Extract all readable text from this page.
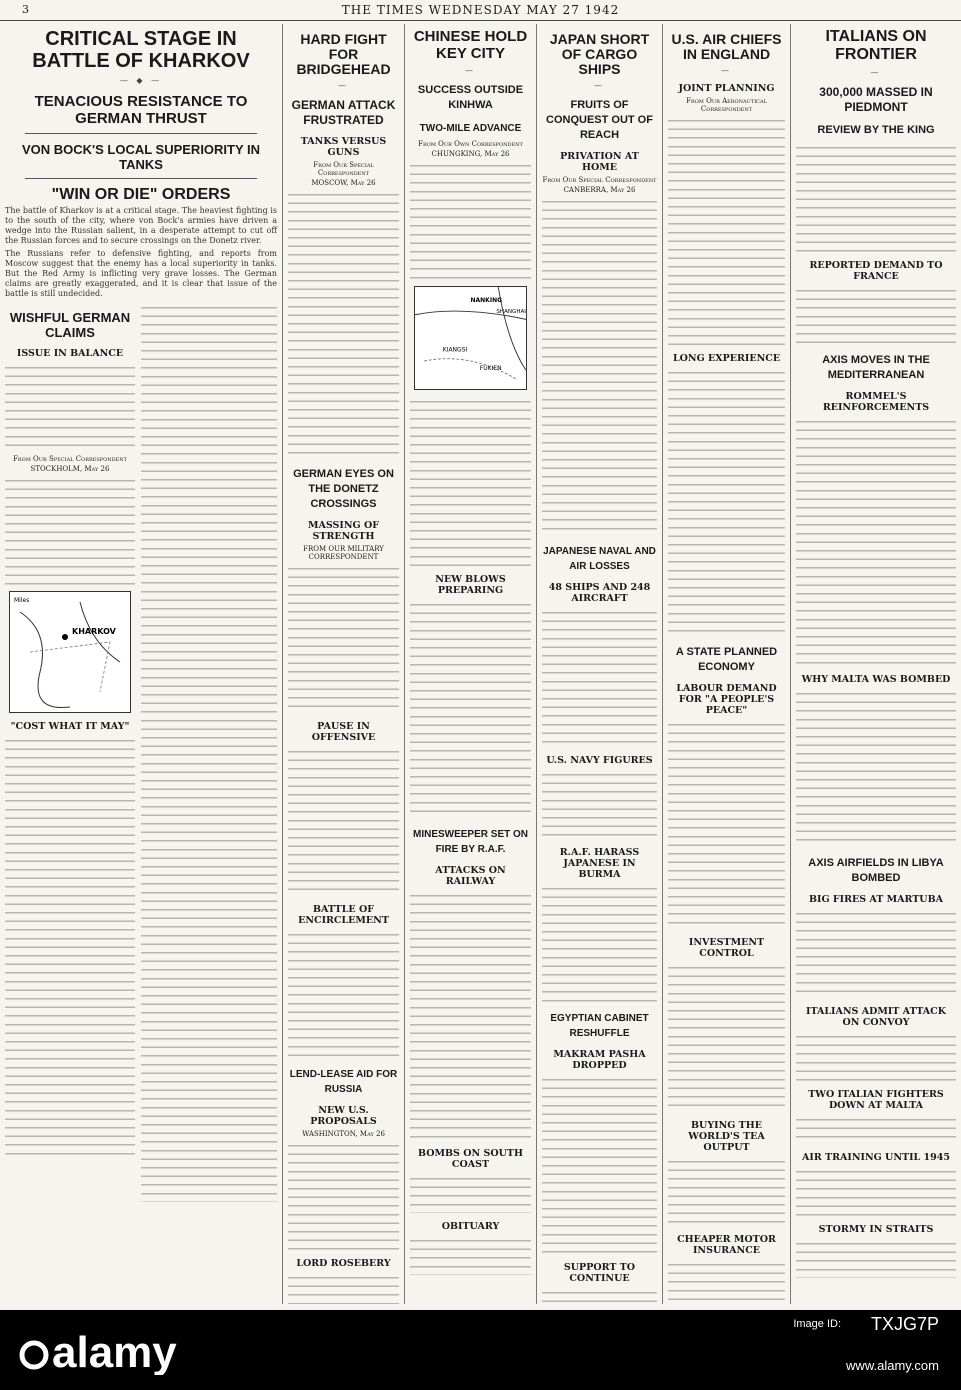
3	THE TIMES WEDNESDAY MAY 27 1942
CRITICAL STAGE IN BATTLE OF KHARKOV
— ◆ —
TENACIOUS RESISTANCE TO GERMAN THRUST
VON BOCK'S LOCAL SUPERIORITY IN TANKS
"WIN OR DIE" ORDERS

The battle of Kharkov is at a critical stage. The heaviest fighting is to the south of the city, where von Bock's armies have driven a wedge into the Russian salient, in a desperate attempt to cut off the Russian forces and to secure crossings on the Donetz river.

The Russians refer to defensive fighting, and reports from Moscow suggest that the enemy has a local superiority in tanks. But the Red Army is inflicting very grave losses. The German claims are greatly exaggerated, and it is clear that issue of the battle is still undecided.

WISHFUL GERMAN CLAIMS
ISSUE IN BALANCE
From Our Special Correspondent
STOCKHOLM, May 26
KHARKOV
Miles
"COST WHAT IT MAY"
HARD FIGHT FOR BRIDGEHEAD
—
GERMAN ATTACK FRUSTRATED
TANKS VERSUS GUNS
From Our Special Correspondent
MOSCOW, May 26
GERMAN EYES ON THE DONETZ CROSSINGS
MASSING OF STRENGTH
FROM OUR MILITARY CORRESPONDENT
PAUSE IN OFFENSIVE
BATTLE OF ENCIRCLEMENT
LEND-LEASE AID FOR RUSSIA
NEW U.S. PROPOSALS
WASHINGTON, May 26
LORD ROSEBERY
CHINESE HOLD KEY CITY
—
SUCCESS OUTSIDE KINHWA
TWO-MILE ADVANCE
From Our Own Correspondent
CHUNGKING, May 26
NANKING
SHANGHAI
KIANGSI
FUKIEN
NEW BLOWS PREPARING
MINESWEEPER SET ON FIRE BY R.A.F.
ATTACKS ON RAILWAY
BOMBS ON SOUTH COAST
OBITUARY
JAPAN SHORT OF CARGO SHIPS
—
FRUITS OF CONQUEST OUT OF REACH
PRIVATION AT HOME
From Our Special Correspondent
CANBERRA, May 26
JAPANESE NAVAL AND AIR LOSSES
48 SHIPS AND 248 AIRCRAFT
U.S. NAVY FIGURES
R.A.F. HARASS JAPANESE IN BURMA
EGYPTIAN CABINET RESHUFFLE
MAKRAM PASHA DROPPED
SUPPORT TO CONTINUE
U.S. AIR CHIEFS IN ENGLAND
—
JOINT PLANNING
From Our Aeronautical Correspondent
LONG EXPERIENCE
A STATE PLANNED ECONOMY
LABOUR DEMAND FOR "A PEOPLE'S PEACE"
INVESTMENT CONTROL
BUYING THE WORLD'S TEA OUTPUT
CHEAPER MOTOR INSURANCE
ITALIANS ON FRONTIER
—
300,000 MASSED IN PIEDMONT
REVIEW BY THE KING
REPORTED DEMAND TO FRANCE
AXIS MOVES IN THE MEDITERRANEAN
ROMMEL'S REINFORCEMENTS
WHY MALTA WAS BOMBED
AXIS AIRFIELDS IN LIBYA BOMBED
BIG FIRES AT MARTUBA
ITALIANS ADMIT ATTACK ON CONVOY
TWO ITALIAN FIGHTERS DOWN AT MALTA
AIR TRAINING UNTIL 1945
STORMY IN STRAITS
alamy
Image ID: TXJG7P
www.alamy.com
